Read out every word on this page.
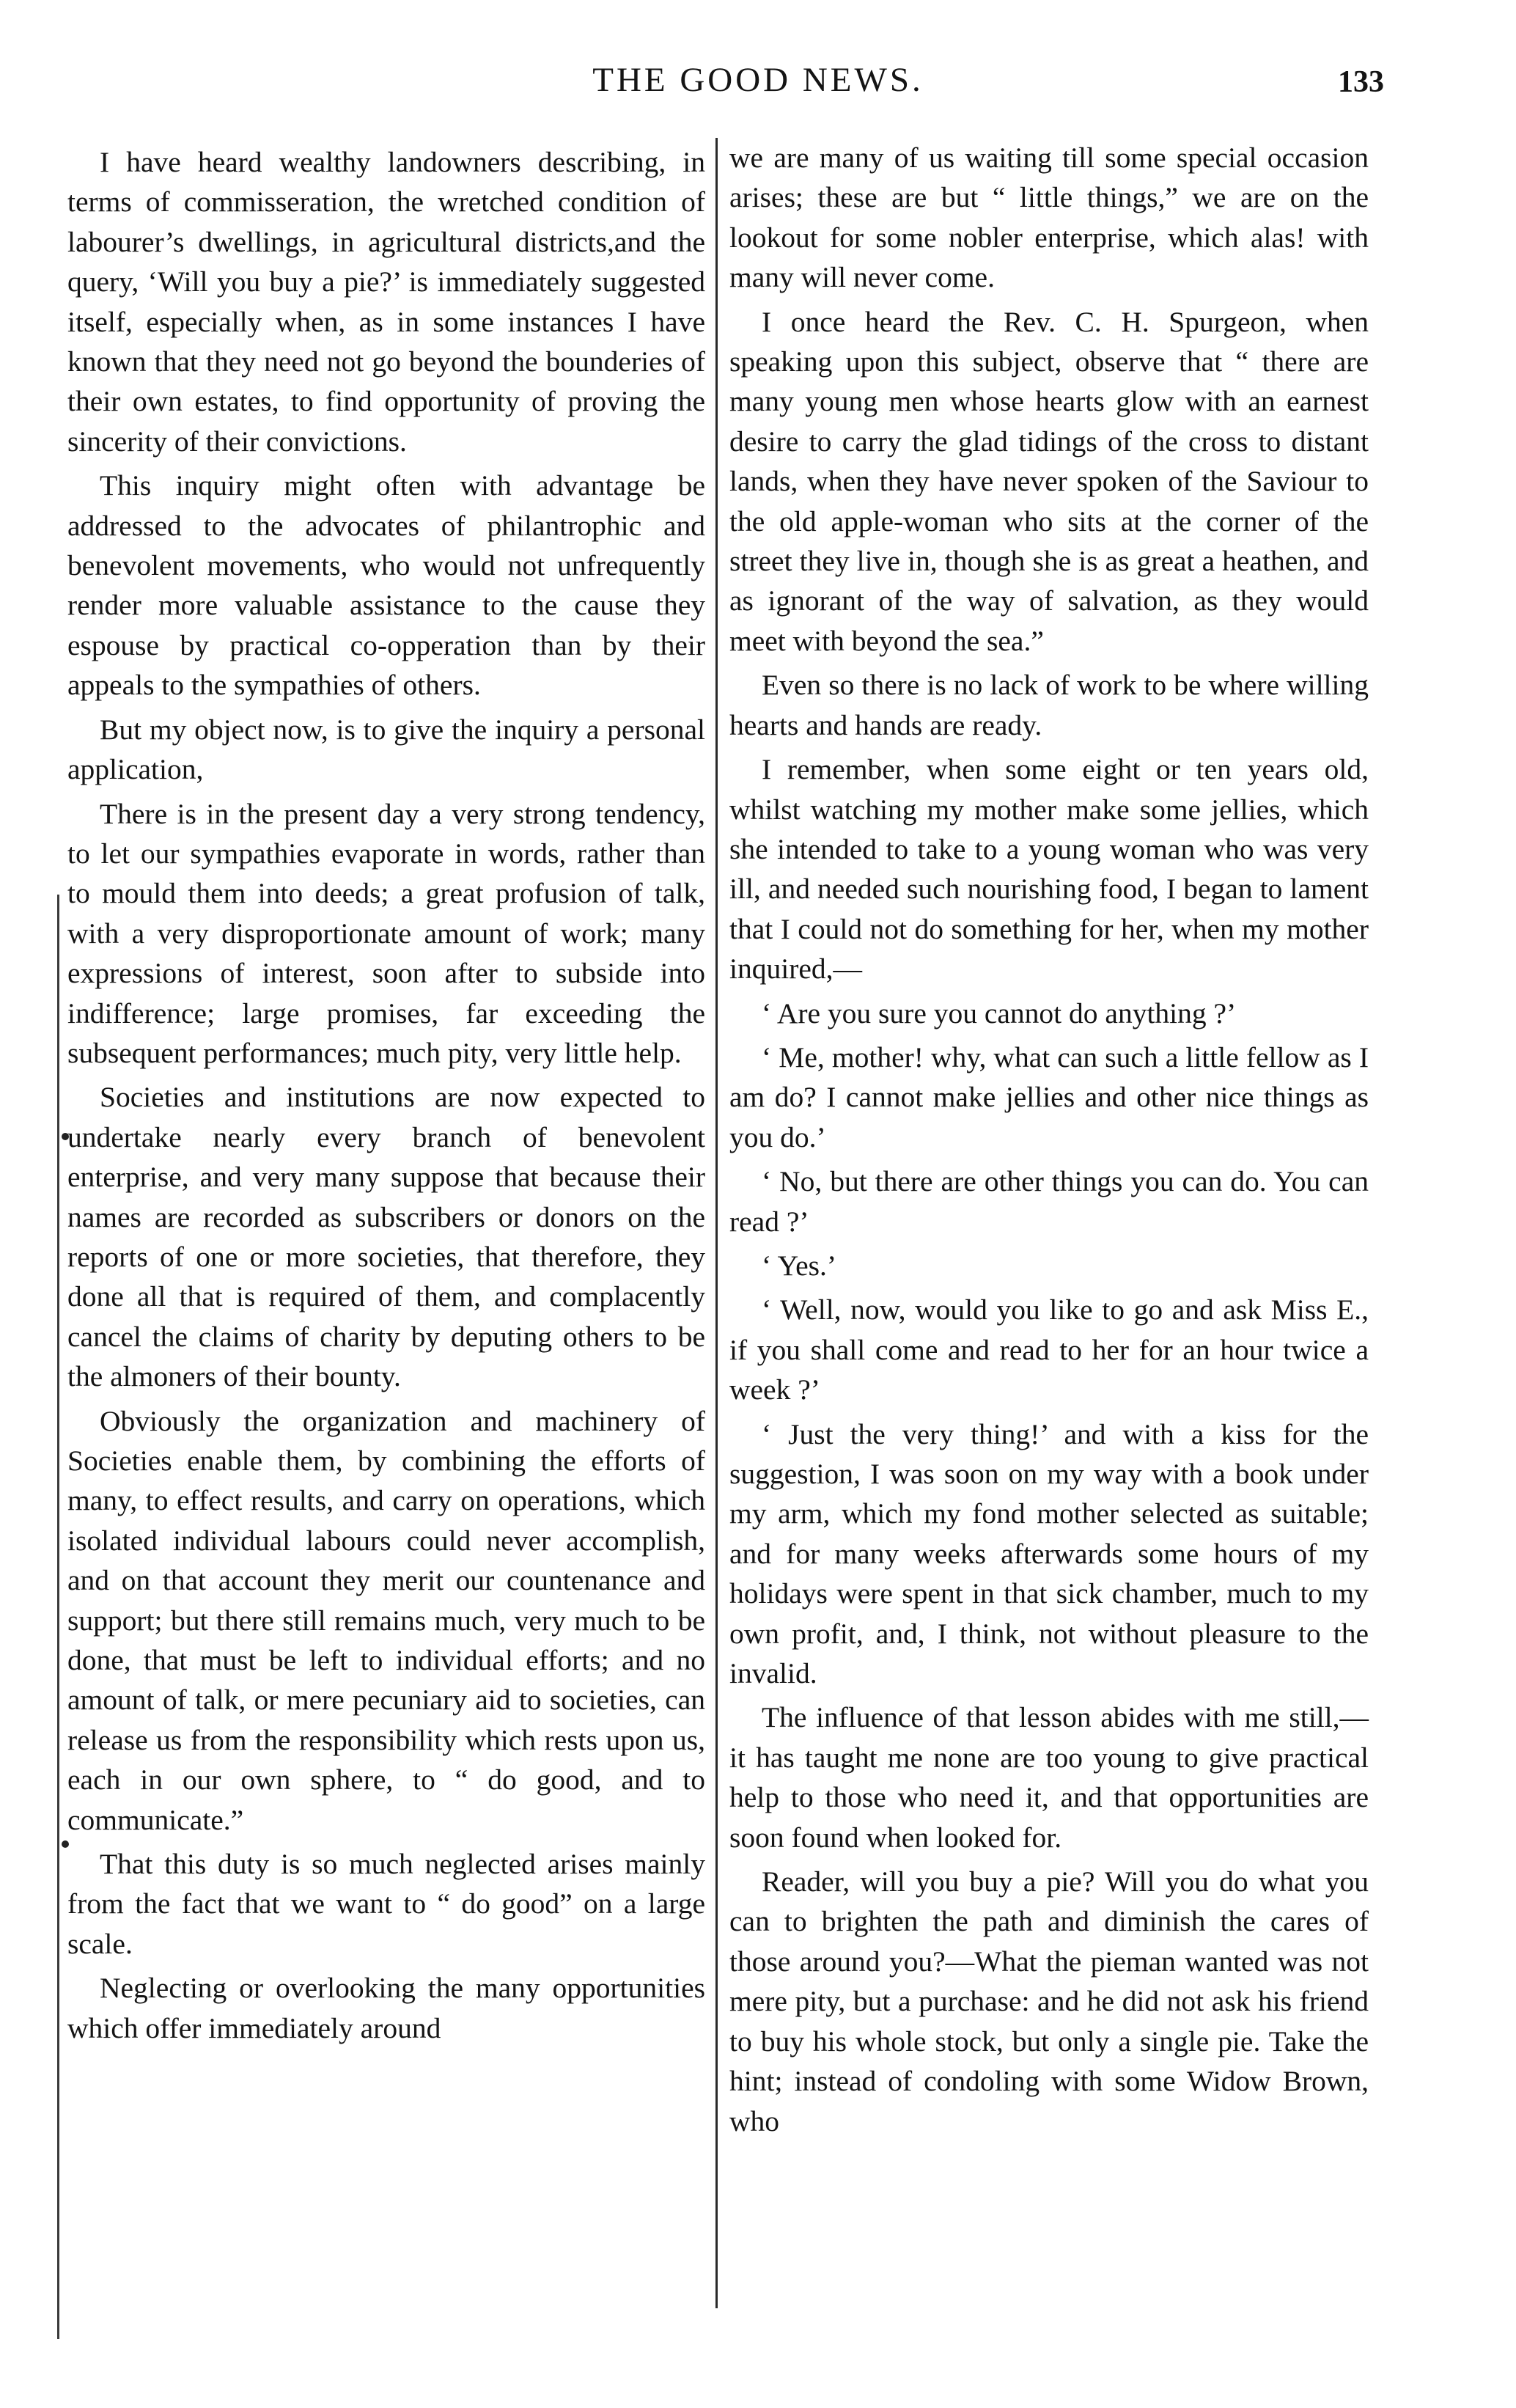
THE GOOD NEWS.	133

I have heard wealthy landowners describing, in terms of commisseration, the wretched condition of labourer’s dwellings, in agricultural districts,and the query, ‘Will you buy a pie?’ is immediately suggested itself, especially when, as in some instances I have known that they need not go beyond the bounderies of their own estates, to find opportunity of proving the sincerity of their convictions.

This inquiry might often with advantage be addressed to the advocates of philantrophic and benevolent movements, who would not unfrequently render more valuable assistance to the cause they espouse by practical co-opperation than by their appeals to the sympathies of others.

But my object now, is to give the inquiry a personal application,

There is in the present day a very strong tendency, to let our sympathies evaporate in words, rather than to mould them into deeds; a great profusion of talk, with a very disproportionate amount of work; many expressions of interest, soon after to subside into indifference; large promises, far exceeding the subsequent performances; much pity, very little help.

Societies and institutions are now expected to undertake nearly every branch of benevolent enterprise, and very many suppose that because their names are recorded as subscribers or donors on the reports of one or more societies, that therefore, they done all that is required of them, and complacently cancel the claims of charity by deputing others to be the almoners of their bounty.

Obviously the organization and machinery of Societies enable them, by combining the efforts of many, to effect results, and carry on operations, which isolated individual labours could never accomplish, and on that account they merit our countenance and support; but there still remains much, very much to be done, that must be left to individual efforts; and no amount of talk, or mere pecuniary aid to societies, can release us from the responsibility which rests upon us, each in our own sphere, to “ do good, and to communicate.”

That this duty is so much neglected arises mainly from the fact that we want to “ do good” on a large scale.

Neglecting or overlooking the many opportunities which offer immediately around

we are many of us waiting till some special occasion arises; these are but “ little things,” we are on the lookout for some nobler enterprise, which alas! with many will never come.

I once heard the Rev. C. H. Spurgeon, when speaking upon this subject, observe that “ there are many young men whose hearts glow with an earnest desire to carry the glad tidings of the cross to distant lands, when they have never spoken of the Saviour to the old apple-woman who sits at the corner of the street they live in, though she is as great a heathen, and as ignorant of the way of salvation, as they would meet with beyond the sea.”

Even so there is no lack of work to be where willing hearts and hands are ready.

I remember, when some eight or ten years old, whilst watching my mother make some jellies, which she intended to take to a young woman who was very ill, and needed such nourishing food, I began to lament that I could not do something for her, when my mother inquired,—

‘ Are you sure you cannot do anything ?’

‘ Me, mother! why, what can such a little fellow as I am do? I cannot make jellies and other nice things as you do.’

‘ No, but there are other things you can do. You can read ?’

‘ Yes.’

‘ Well, now, would you like to go and ask Miss E., if you shall come and read to her for an hour twice a week ?’

‘ Just the very thing!’ and with a kiss for the suggestion, I was soon on my way with a book under my arm, which my fond mother selected as suitable; and for many weeks afterwards some hours of my holidays were spent in that sick chamber, much to my own profit, and, I think, not without pleasure to the invalid.

The influence of that lesson abides with me still,—it has taught me none are too young to give practical help to those who need it, and that opportunities are soon found when looked for.

Reader, will you buy a pie? Will you do what you can to brighten the path and diminish the cares of those around you?—What the pieman wanted was not mere pity, but a purchase: and he did not ask his friend to buy his whole stock, but only a single pie. Take the hint; instead of condoling with some Widow Brown, who
